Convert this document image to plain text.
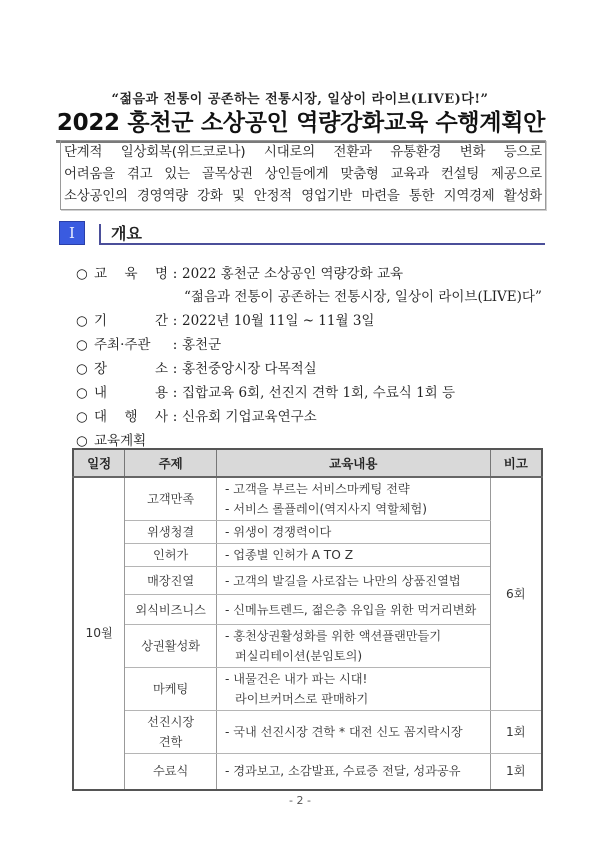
“젊음과 전통이 공존하는 전통시장, 일상이 라이브(LIVE)다!”
2022 홍천군 소상공인 역량강화교육 수행계획안
단계적 일상회복(위드코로나) 시대로의 전환과 유통환경 변화 등으로
어려움을 겪고 있는 골목상권 상인들에게 맞춤형 교육과 컨설팅 제공으로
소상공인의 경영역량 강화 및 안정적 영업기반 마련을 통한 지역경제 활성화
I	개요
○ 교 육 명 : 2022 홍천군 소상공인 역량강화 교육
“젊음과 전통이 공존하는 전통시장, 일상이 라이브(LIVE)다”
○ 기 간 : 2022년 10월 11일 ~ 11월 3일
○ 주최·주관 : 홍천군
○ 장 소 : 홍천중앙시장 다목적실
○ 내 용 : 집합교육 6회, 선진지 견학 1회, 수료식 1회 등
○ 대 행 사 : 신유회 기업교육연구소
○ 교육계획
일정	주제	교육내용	비고
10월	고객만족	- 고객을 부르는 서비스마케팅 전략
- 서비스 롤플레이(역지사지 역할체험)	6회
	위생청결	- 위생이 경쟁력이다	
	인허가	- 업종별 인허가 A TO Z	
	매장진열	- 고객의 발길을 사로잡는 나만의 상품진열법	
	외식비즈니스	- 신메뉴트렌드, 젊은층 유입을 위한 먹거리변화	
	상권활성화	- 홍천상권활성화를 위한 액션플랜만들기
퍼실리테이션(분임토의)	

	마케팅	- 내물건은 내가 파는 시대!
라이브커머스로 판매하기	

	선진시장
견학	- 국내 선진시장 견학 * 대전 신도 꼼지락시장	1회
	수료식	- 경과보고, 소감발표, 수료증 전달, 성과공유	1회
- 2 -
